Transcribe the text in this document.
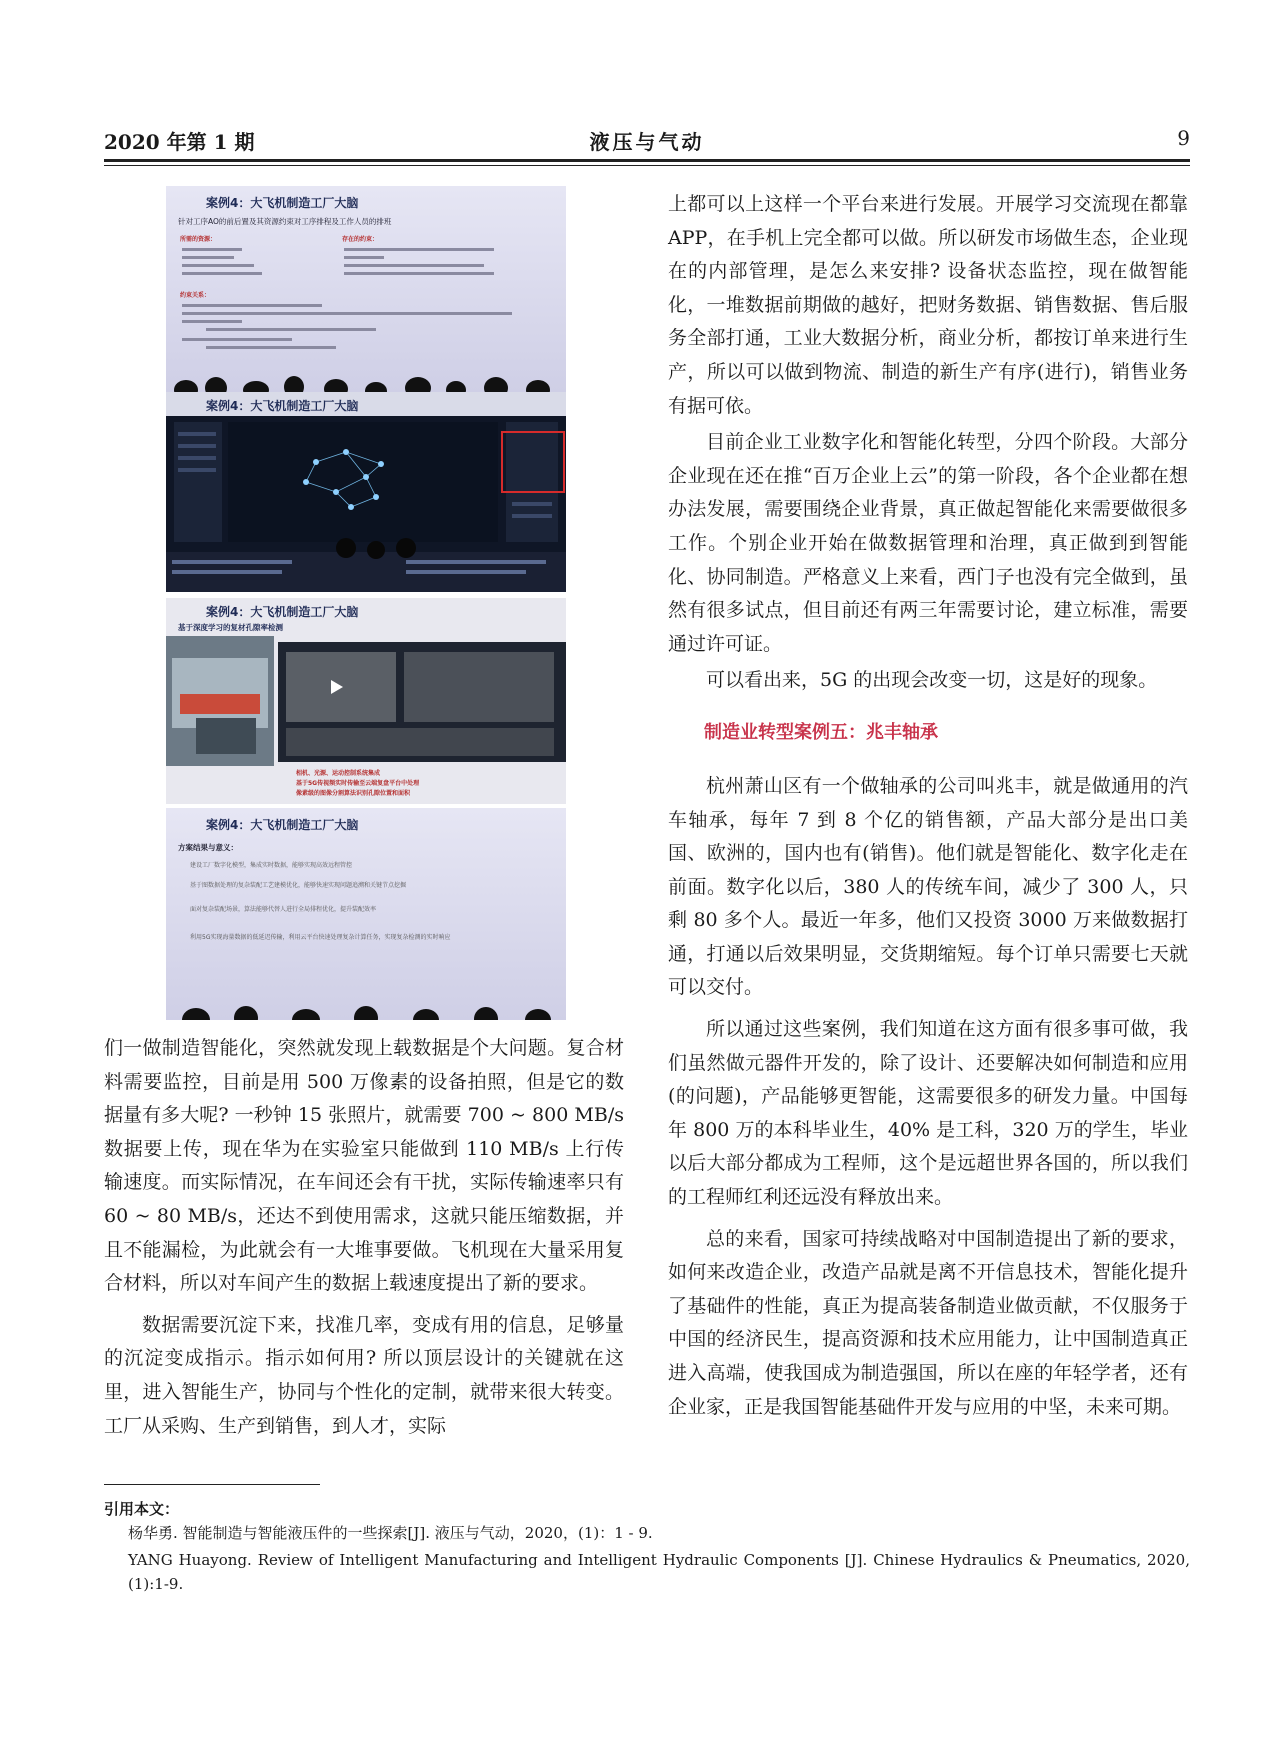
2020 年第 1 期	液压与气动	9
案例4：大飞机制造工厂大脑
针对工序AO的前后置及其资源约束对工序排程及工作人员的排班
所需的资源：	存在的约束：
约束关系：
案例4：大飞机制造工厂大脑
案例4：大飞机制造工厂大脑
基于深度学习的复材孔隙率检测
相机、光源、运动控制系统集成
基于5G传视频实时传输至云端复盘平台中处理
像素级的图像分割算法识别孔隙位置和面积
案例4：大飞机制造工厂大脑
方案结果与意义：
建设工厂数字化模型，集成实时数据，能够实现高效远程管控
基于图数据处理的复杂装配工艺建模优化，能够快速实现问题追溯和关键节点挖掘
面对复杂装配场景，算法能够代替人进行全局排程优化，提升装配效率
利用5G实现海量数据的低延迟传输，利用云平台快速处理复杂计算任务，实现复杂检测的实时响应

们一做制造智能化，突然就发现上载数据是个大问题。复合材料需要监控，目前是用 500 万像素的设备拍照，但是它的数据量有多大呢? 一秒钟 15 张照片，就需要 700 ~ 800 MB/s 数据要上传，现在华为在实验室只能做到 110 MB/s 上行传输速度。而实际情况，在车间还会有干扰，实际传输速率只有 60 ~ 80 MB/s，还达不到使用需求，这就只能压缩数据，并且不能漏检，为此就会有一大堆事要做。飞机现在大量采用复合材料，所以对车间产生的数据上载速度提出了新的要求。

数据需要沉淀下来，找准几率，变成有用的信息，足够量的沉淀变成指示。指示如何用? 所以顶层设计的关键就在这里，进入智能生产，协同与个性化的定制，就带来很大转变。工厂从采购、生产到销售，到人才，实际

上都可以上这样一个平台来进行发展。开展学习交流现在都靠 APP，在手机上完全都可以做。所以研发市场做生态，企业现在的内部管理，是怎么来安排? 设备状态监控，现在做智能化，一堆数据前期做的越好，把财务数据、销售数据、售后服务全部打通，工业大数据分析，商业分析，都按订单来进行生产，所以可以做到物流、制造的新生产有序(进行)，销售业务有据可依。

目前企业工业数字化和智能化转型，分四个阶段。大部分企业现在还在推“百万企业上云”的第一阶段，各个企业都在想办法发展，需要围绕企业背景，真正做起智能化来需要做很多工作。个别企业开始在做数据管理和治理，真正做到到智能化、协同制造。严格意义上来看，西门子也没有完全做到，虽然有很多试点，但目前还有两三年需要讨论，建立标准，需要通过许可证。

可以看出来，5G 的出现会改变一切，这是好的现象。

制造业转型案例五：兆丰轴承

杭州萧山区有一个做轴承的公司叫兆丰，就是做通用的汽车轴承，每年 7 到 8 个亿的销售额，产品大部分是出口美国、欧洲的，国内也有(销售)。他们就是智能化、数字化走在前面。数字化以后，380 人的传统车间，减少了 300 人，只剩 80 多个人。最近一年多，他们又投资 3000 万来做数据打通，打通以后效果明显，交货期缩短。每个订单只需要七天就可以交付。

所以通过这些案例，我们知道在这方面有很多事可做，我们虽然做元器件开发的，除了设计、还要解决如何制造和应用(的问题)，产品能够更智能，这需要很多的研发力量。中国每年 800 万的本科毕业生，40% 是工科，320 万的学生，毕业以后大部分都成为工程师，这个是远超世界各国的，所以我们的工程师红利还远没有释放出来。

总的来看，国家可持续战略对中国制造提出了新的要求，如何来改造企业，改造产品就是离不开信息技术，智能化提升了基础件的性能，真正为提高装备制造业做贡献，不仅服务于中国的经济民生，提高资源和技术应用能力，让中国制造真正进入高端，使我国成为制造强国，所以在座的年轻学者，还有企业家，正是我国智能基础件开发与应用的中坚，未来可期。

引用本文：
杨华勇. 智能制造与智能液压件的一些探索[J]. 液压与气动，2020，(1)：1 - 9.
YANG Huayong. Review of Intelligent Manufacturing and Intelligent Hydraulic Components [J]. Chinese Hydraulics & Pneumatics, 2020,(1):1-9.
